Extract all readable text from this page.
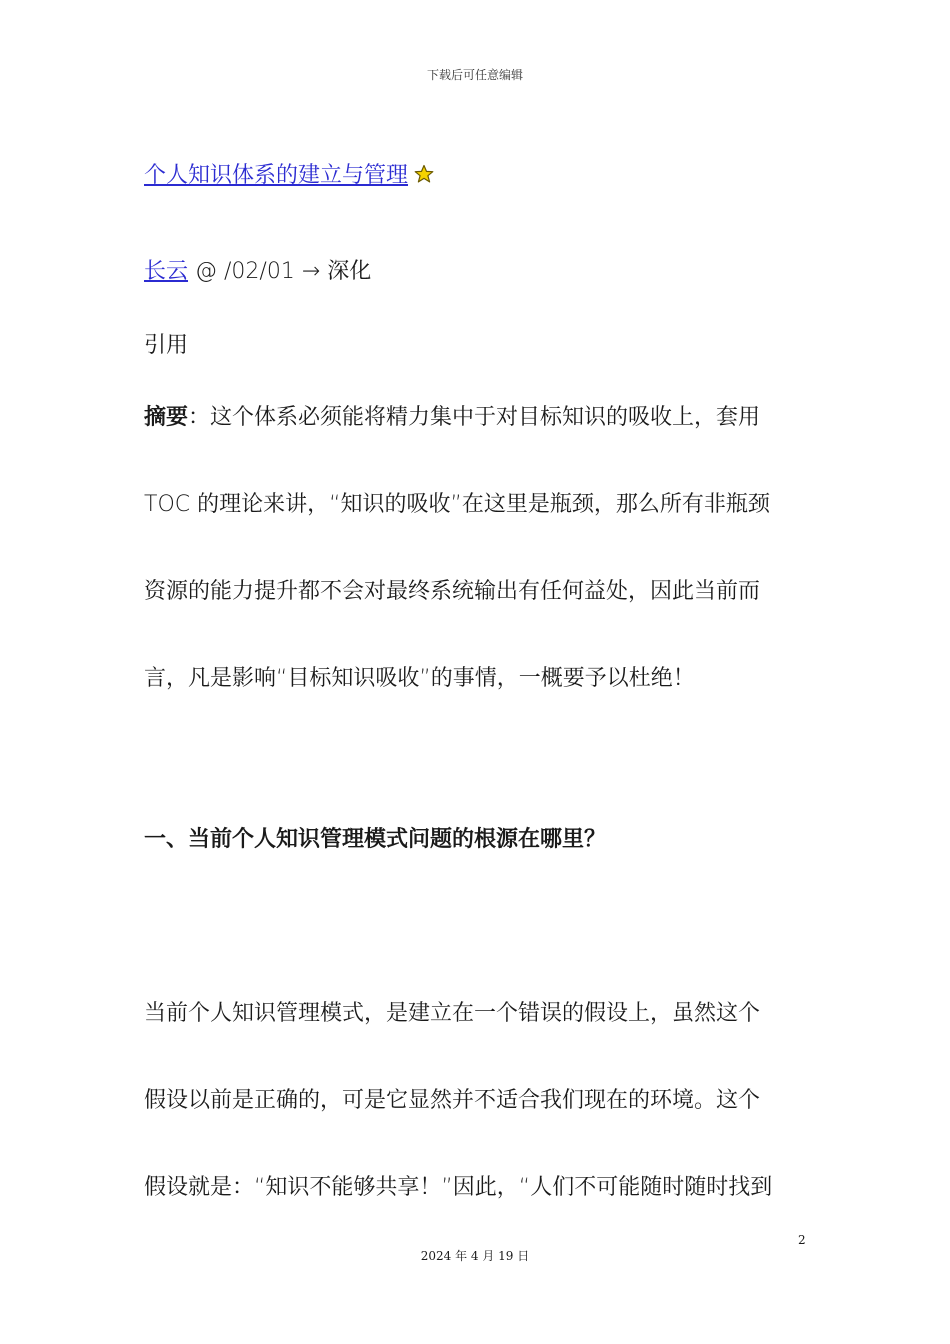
下载后可任意编辑
个人知识体系的建立与管理
长云 @ /02/01 → 深化
引用
摘要：这个体系必须能将精力集中于对目标知识的吸收上，套用
TOC 的理论来讲，“知识的吸收”在这里是瓶颈，那么所有非瓶颈
资源的能力提升都不会对最终系统输出有任何益处，因此当前而
言，凡是影响“目标知识吸收”的事情，一概要予以杜绝！
一、当前个人知识管理模式问题的根源在哪里？
当前个人知识管理模式，是建立在一个错误的假设上，虽然这个
假设以前是正确的，可是它显然并不适合我们现在的环境。这个
假设就是：“知识不能够共享！”因此，“人们不可能随时随时找到
2
2024 年 4 月 19 日
